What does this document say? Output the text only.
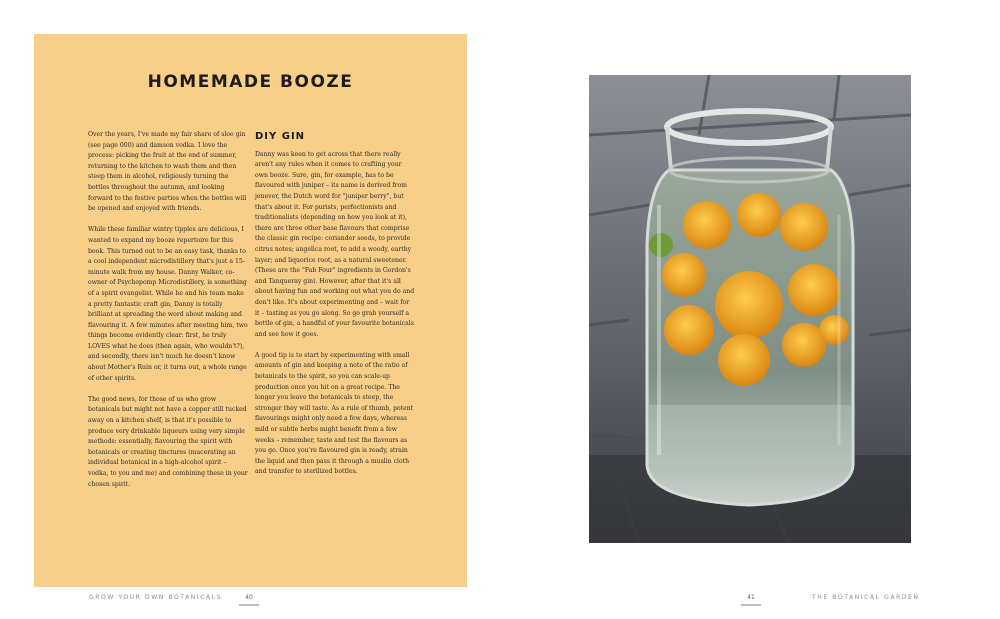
HOMEMADE BOOZE

Over the years, I've made my fair share of sloe gin (see page 000) and damson vodka. I love the process: picking the fruit at the end of summer, returning to the kitchen to wash them and then steep them in alcohol, religiously turning the bottles throughout the autumn, and looking forward to the festive parties when the bottles will be opened and enjoyed with friends.

While these familiar wintry tipples are delicious, I wanted to expand my booze repertoire for this book. This turned out to be an easy task, thanks to a cool independent microdistillery that's just a 15-minute walk from my house. Danny Walker, co-owner of Psychopomp Microdistillery, is something of a spirit evangelist. While he and his team make a pretty fantastic craft gin, Danny is totally brilliant at spreading the word about making and flavouring it. A few minutes after meeting him, two things become evidently clear: first, he truly LOVES what he does (then again, who wouldn't?), and secondly, there isn't much he doesn't know about Mother's Ruin or, it turns out, a whole range of other spirits.

The good news, for those of us who grow botanicals but might not have a copper still tucked away on a kitchen shelf, is that it's possible to produce very drinkable liqueurs using very simple methods: essentially, flavouring the spirit with botanicals or creating tinctures (macerating an individual botanical in a high-alcohol spirit – vodka, to you and me) and combining these in your chosen spirit.

DIY GIN

Danny was keen to get across that there really aren't any rules when it comes to crafting your own booze. Sure, gin, for example, has to be flavoured with juniper – its name is derived from jenever, the Dutch word for "juniper berry", but that's about it. For purists, perfectionists and traditionalists (depending on how you look at it), there are three other base flavours that comprise the classic gin recipe: coriander seeds, to provide citrus notes; angelica root, to add a woody, earthy layer; and liquorice root, as a natural sweetener. (These are the "Fab Four" ingredients in Gordon's and Tanqueray gin). However, after that it's all about having fun and working out what you do and don't like. It's about experimenting and – wait for it – tasting as you go along. So go grab yourself a bottle of gin, a handful of your favourite botanicals and see how it goes.

A good tip is to start by experimenting with small amounts of gin and keeping a note of the ratio of botanicals to the spirit, so you can scale-up production once you hit on a great recipe. The longer you leave the botanicals to steep, the stronger they will taste. As a rule of thumb, potent flavourings might only need a few days, whereas mild or subtle herbs might benefit from a few weeks – remember, taste and test the flavours as you go. Once you're flavoured gin is ready, strain the liquid and then pass it through a muslin cloth and transfer to sterilized bottles.

GROW YOUR OWN BOTANICALS	40	41	THE BOTANICAL GARDEN
